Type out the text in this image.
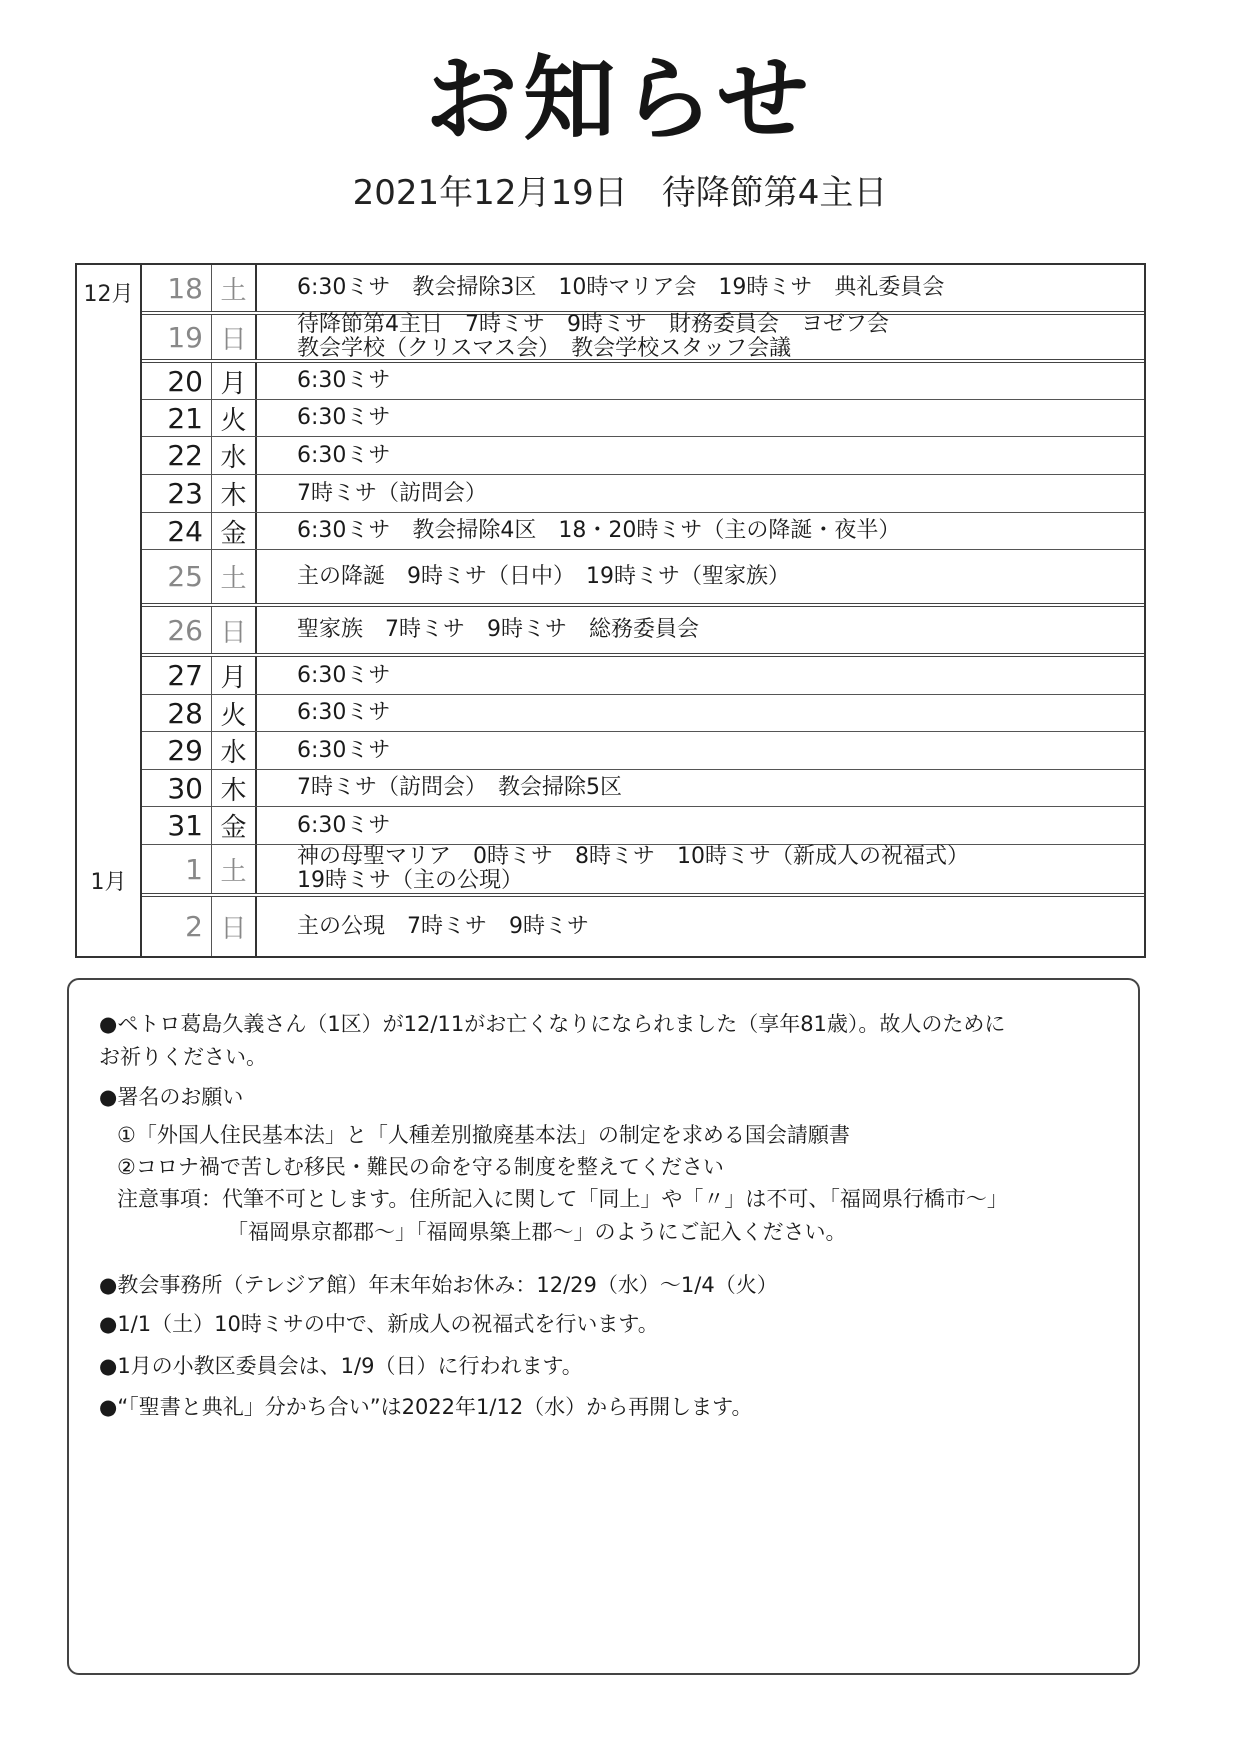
お知らせ
2021年12月19日　待降節第4主日
12月
1月
18 土	6:30ミサ　教会掃除3区　10時マリア会　19時ミサ　典礼委員会
19 日	待降節第4主日　7時ミサ　9時ミサ　財務委員会　ヨゼフ会
教会学校（クリスマス会）　教会学校スタッフ会議
20 月	6:30ミサ
21 火	6:30ミサ
22 水	6:30ミサ
23 木	7時ミサ（訪問会）
24 金	6:30ミサ　教会掃除4区　18・20時ミサ（主の降誕・夜半）
25 土	主の降誕　9時ミサ（日中）　19時ミサ（聖家族）
26 日	聖家族　7時ミサ　9時ミサ　総務委員会
27 月	6:30ミサ
28 火	6:30ミサ
29 水	6:30ミサ
30 木	7時ミサ（訪問会）　教会掃除5区
31 金	6:30ミサ
1 土	神の母聖マリア　0時ミサ　8時ミサ　10時ミサ（新成人の祝福式）
19時ミサ（主の公現）
2 日	主の公現　7時ミサ　9時ミサ
●ペトロ葛島久義さん（1区）が12/11がお亡くなりになられました（享年81歳）。故人のために
お祈りください。
●署名のお願い
①「外国人住民基本法」と「人種差別撤廃基本法」の制定を求める国会請願書
②コロナ禍で苦しむ移民・難民の命を守る制度を整えてください
注意事項：代筆不可とします。住所記入に関して「同上」や「〃」は不可、「福岡県行橋市～」
「福岡県京都郡～」「福岡県築上郡～」のようにご記入ください。
●教会事務所（テレジア館）年末年始お休み：12/29（水）～1/4（火）
●1/1（土）10時ミサの中で、新成人の祝福式を行います。
●1月の小教区委員会は、1/9（日）に行われます。
●“「聖書と典礼」分かち合い”は2022年1/12（水）から再開します。
